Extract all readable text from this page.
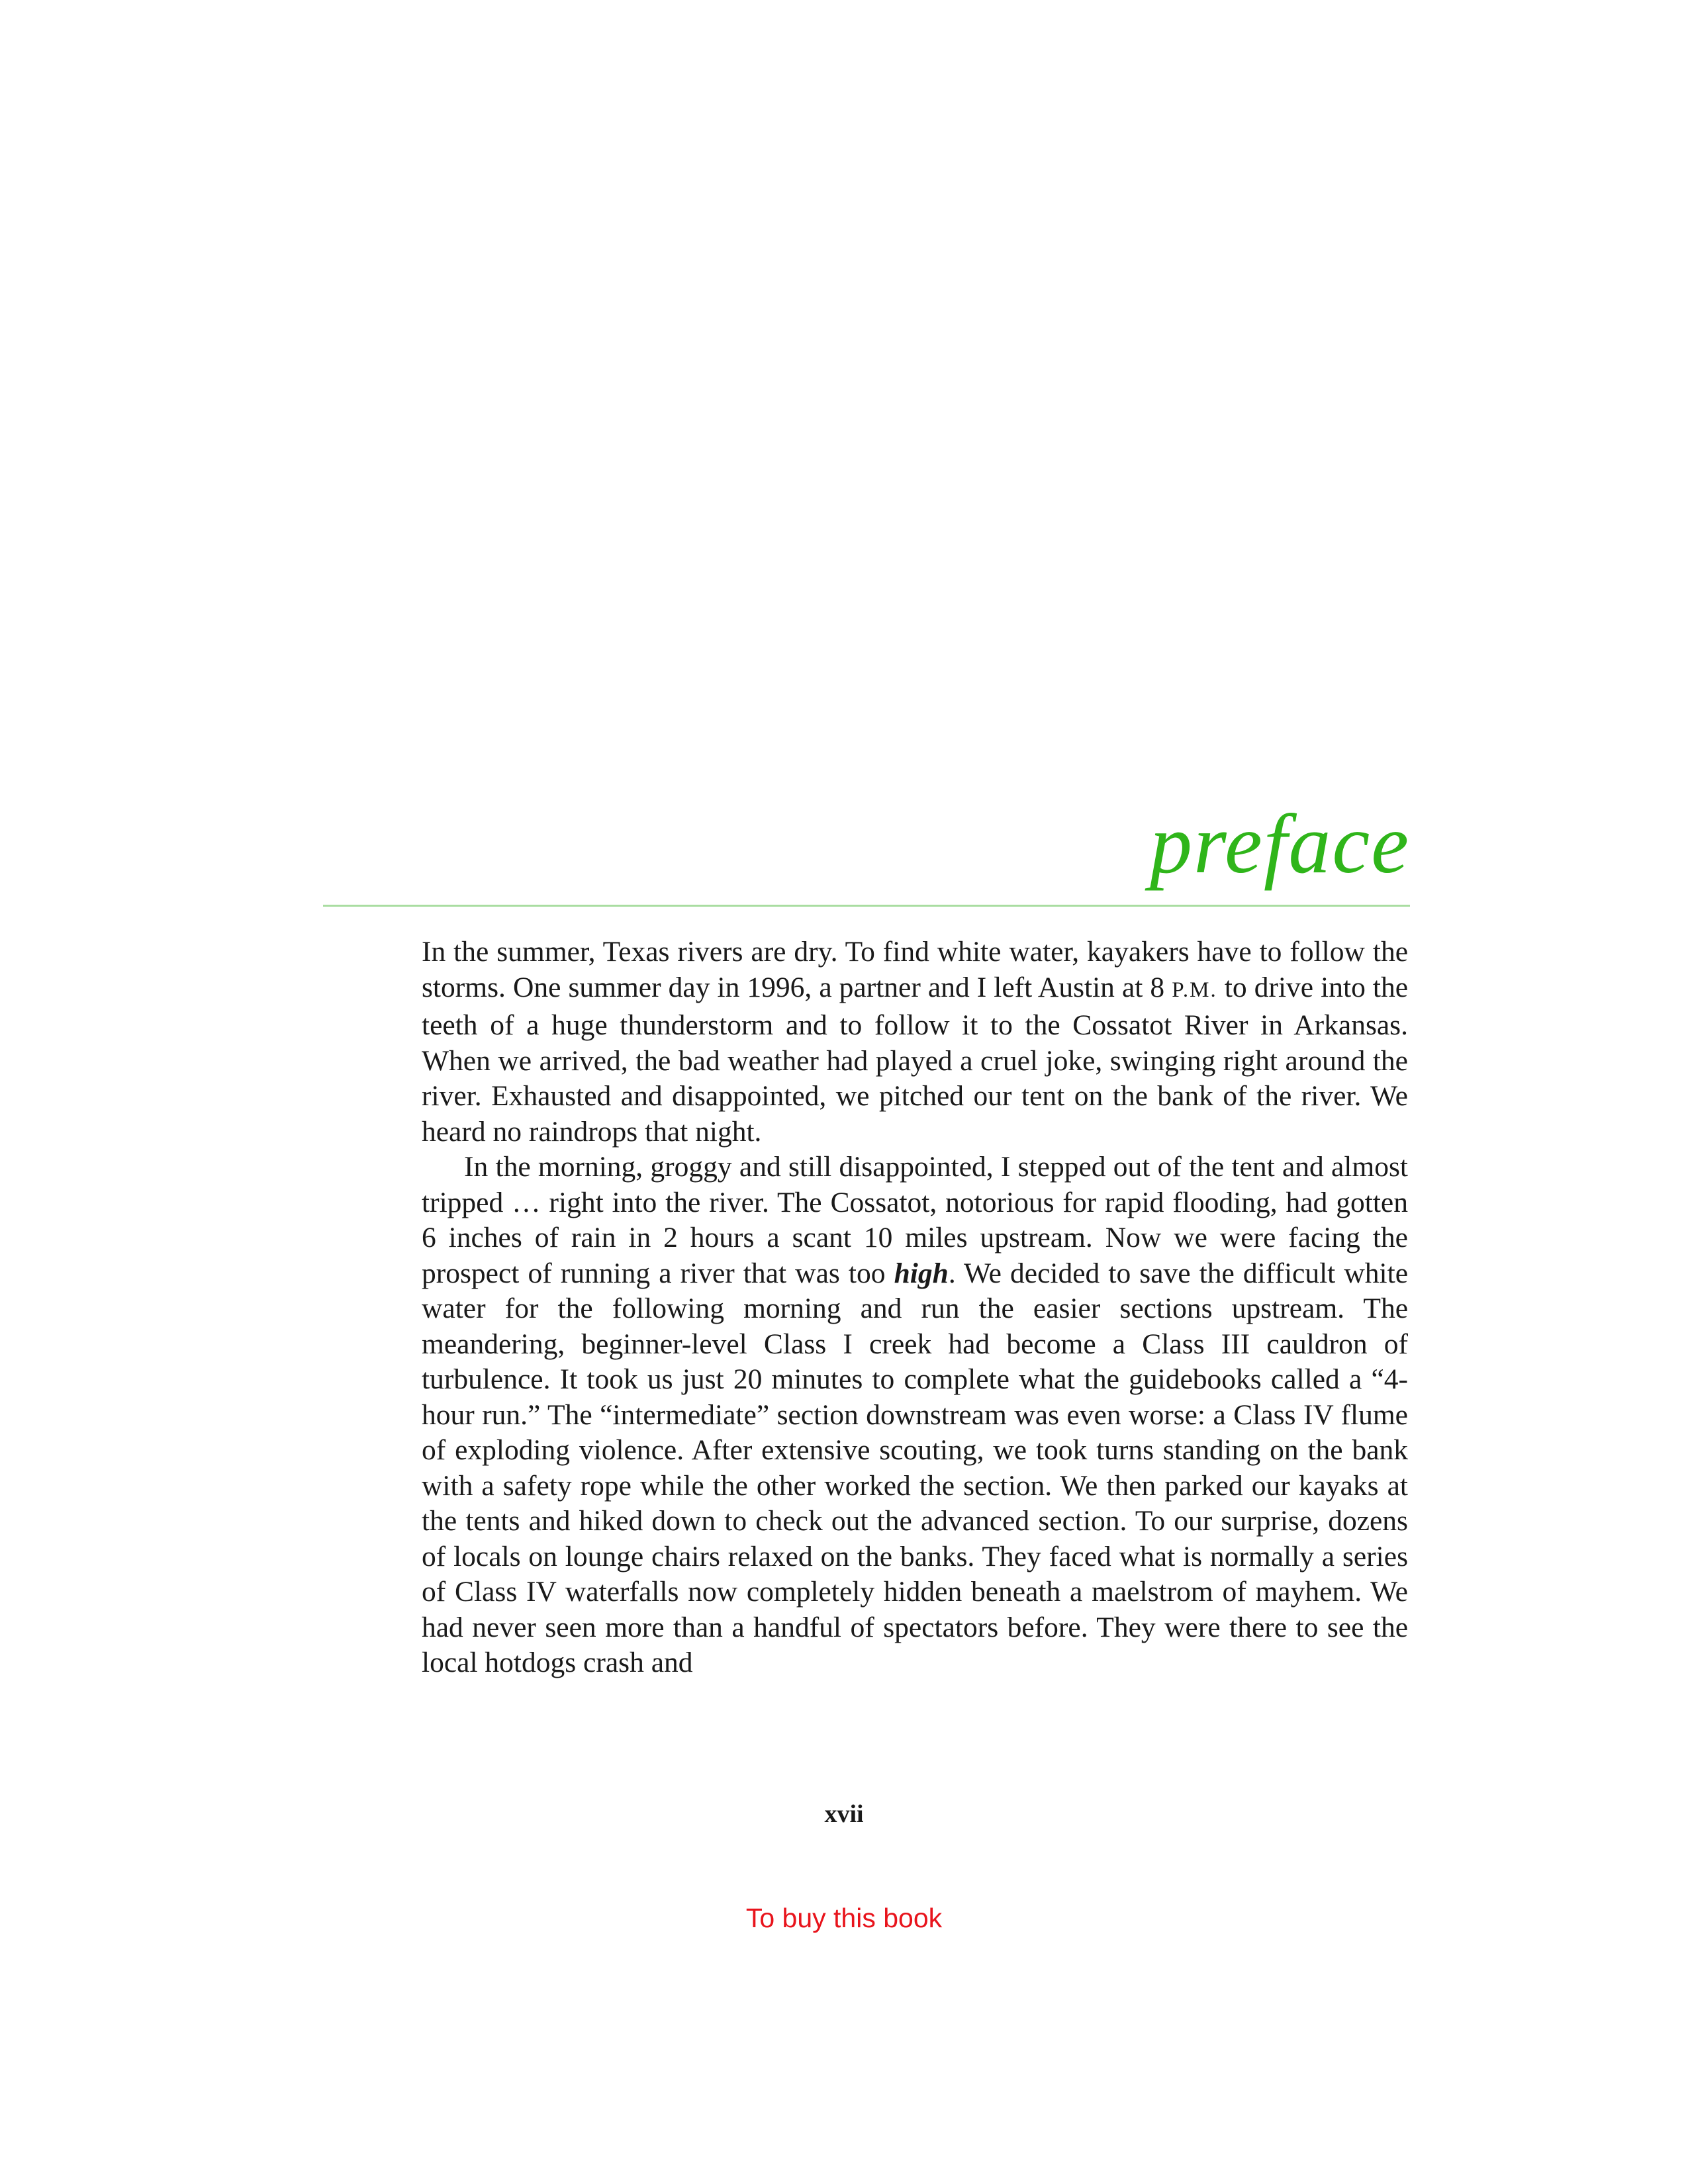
preface

In the summer, Texas rivers are dry. To find white water, kayakers have to follow the storms. One summer day in 1996, a partner and I left Austin at 8 P.M. to drive into the teeth of a huge thunderstorm and to follow it to the Cossatot River in Arkansas. When we arrived, the bad weather had played a cruel joke, swinging right around the river. Exhausted and disappointed, we pitched our tent on the bank of the river. We heard no raindrops that night.

In the morning, groggy and still disappointed, I stepped out of the tent and almost tripped … right into the river. The Cossatot, notorious for rapid flooding, had gotten 6 inches of rain in 2 hours a scant 10 miles upstream. Now we were facing the prospect of running a river that was too high. We decided to save the difficult white water for the following morning and run the easier sections upstream. The meandering, beginner-level Class I creek had become a Class III cauldron of turbulence. It took us just 20 minutes to complete what the guidebooks called a “4-hour run.” The “intermediate” section downstream was even worse: a Class IV flume of exploding violence. After extensive scouting, we took turns standing on the bank with a safety rope while the other worked the section. We then parked our kayaks at the tents and hiked down to check out the advanced section. To our surprise, dozens of locals on lounge chairs relaxed on the banks. They faced what is normally a series of Class IV waterfalls now completely hidden beneath a maelstrom of mayhem. We had never seen more than a handful of spectators before. They were there to see the local hotdogs crash and

xvii
To buy this book
